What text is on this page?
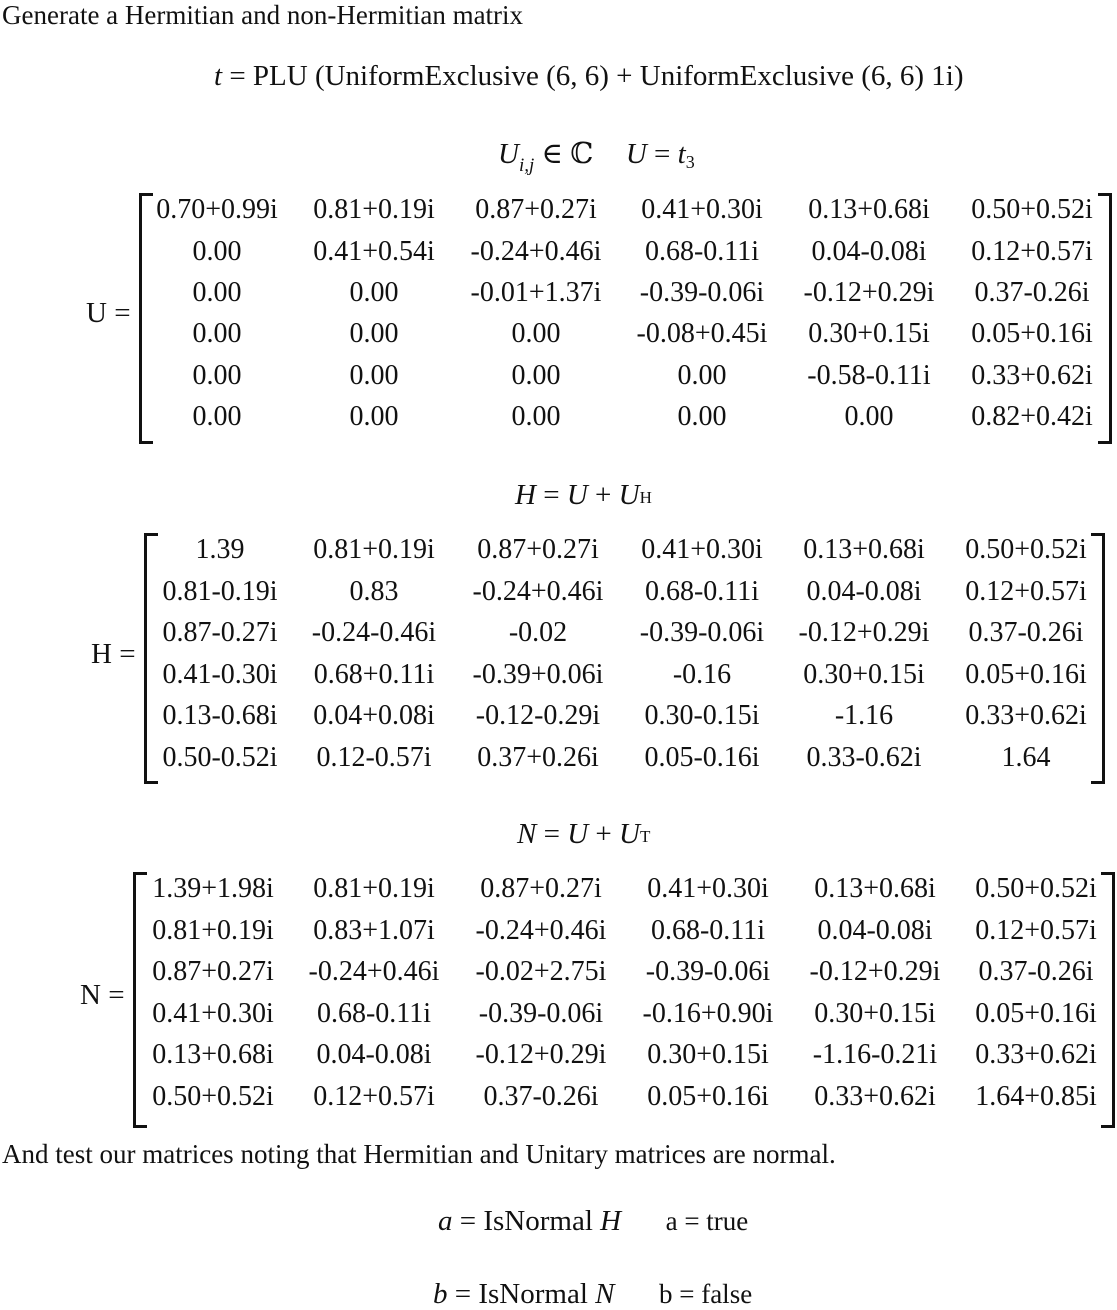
Generate a Hermitian and non-Hermitian matrix
t = PLU (UniformExclusive (6, 6) + UniformExclusive (6, 6) 1i)
$U_{i,j}$ ∈ ℂ U = t3
U =
0.70+0.99i 0.81+0.19i 0.87+0.27i 0.41+0.30i 0.13+0.68i 0.50+0.52i
0.00	0.41+0.54i -0.24+0.46i 0.68-0.11i 0.04-0.08i 0.12+0.57i
0.00	0.00	-0.01+1.37i -0.39-0.06i -0.12+0.29i 0.37-0.26i
0.00	0.00	0.00	-0.08+0.45i 0.30+0.15i 0.05+0.16i
0.00	0.00	0.00	0.00	-0.58-0.11i 0.33+0.62i
0.00	0.00	0.00	0.00	0.00	0.82+0.42i
H = U + UH
H =
1.39 0.81+0.19i 0.87+0.27i 0.41+0.30i 0.13+0.68i 0.50+0.52i
0.81-0.19i	0.83	-0.24+0.46i 0.68-0.11i 0.04-0.08i 0.12+0.57i
0.87-0.27i -0.24-0.46i	-0.02	-0.39-0.06i -0.12+0.29i 0.37-0.26i
0.41-0.30i 0.68+0.11i -0.39+0.06i -0.16	0.30+0.15i 0.05+0.16i
0.13-0.68i 0.04+0.08i -0.12-0.29i 0.30-0.15i	-1.16	0.33+0.62i
0.50-0.52i 0.12-0.57i 0.37+0.26i 0.05-0.16i 0.33-0.62i	1.64
N = U + UT
N =
1.39+1.98i 0.81+0.19i 0.87+0.27i 0.41+0.30i 0.13+0.68i 0.50+0.52i
0.81+0.19i 0.83+1.07i -0.24+0.46i 0.68-0.11i 0.04-0.08i 0.12+0.57i
0.87+0.27i -0.24+0.46i -0.02+2.75i -0.39-0.06i -0.12+0.29i 0.37-0.26i
0.41+0.30i 0.68-0.11i -0.39-0.06i -0.16+0.90i 0.30+0.15i 0.05+0.16i
0.13+0.68i 0.04-0.08i -0.12+0.29i 0.30+0.15i -1.16-0.21i 0.33+0.62i
0.50+0.52i 0.12+0.57i 0.37-0.26i 0.05+0.16i 0.33+0.62i 1.64+0.85i
And test our matrices noting that Hermitian and Unitary matrices are normal.
a = IsNormal H a = true
b = IsNormal N b = false
